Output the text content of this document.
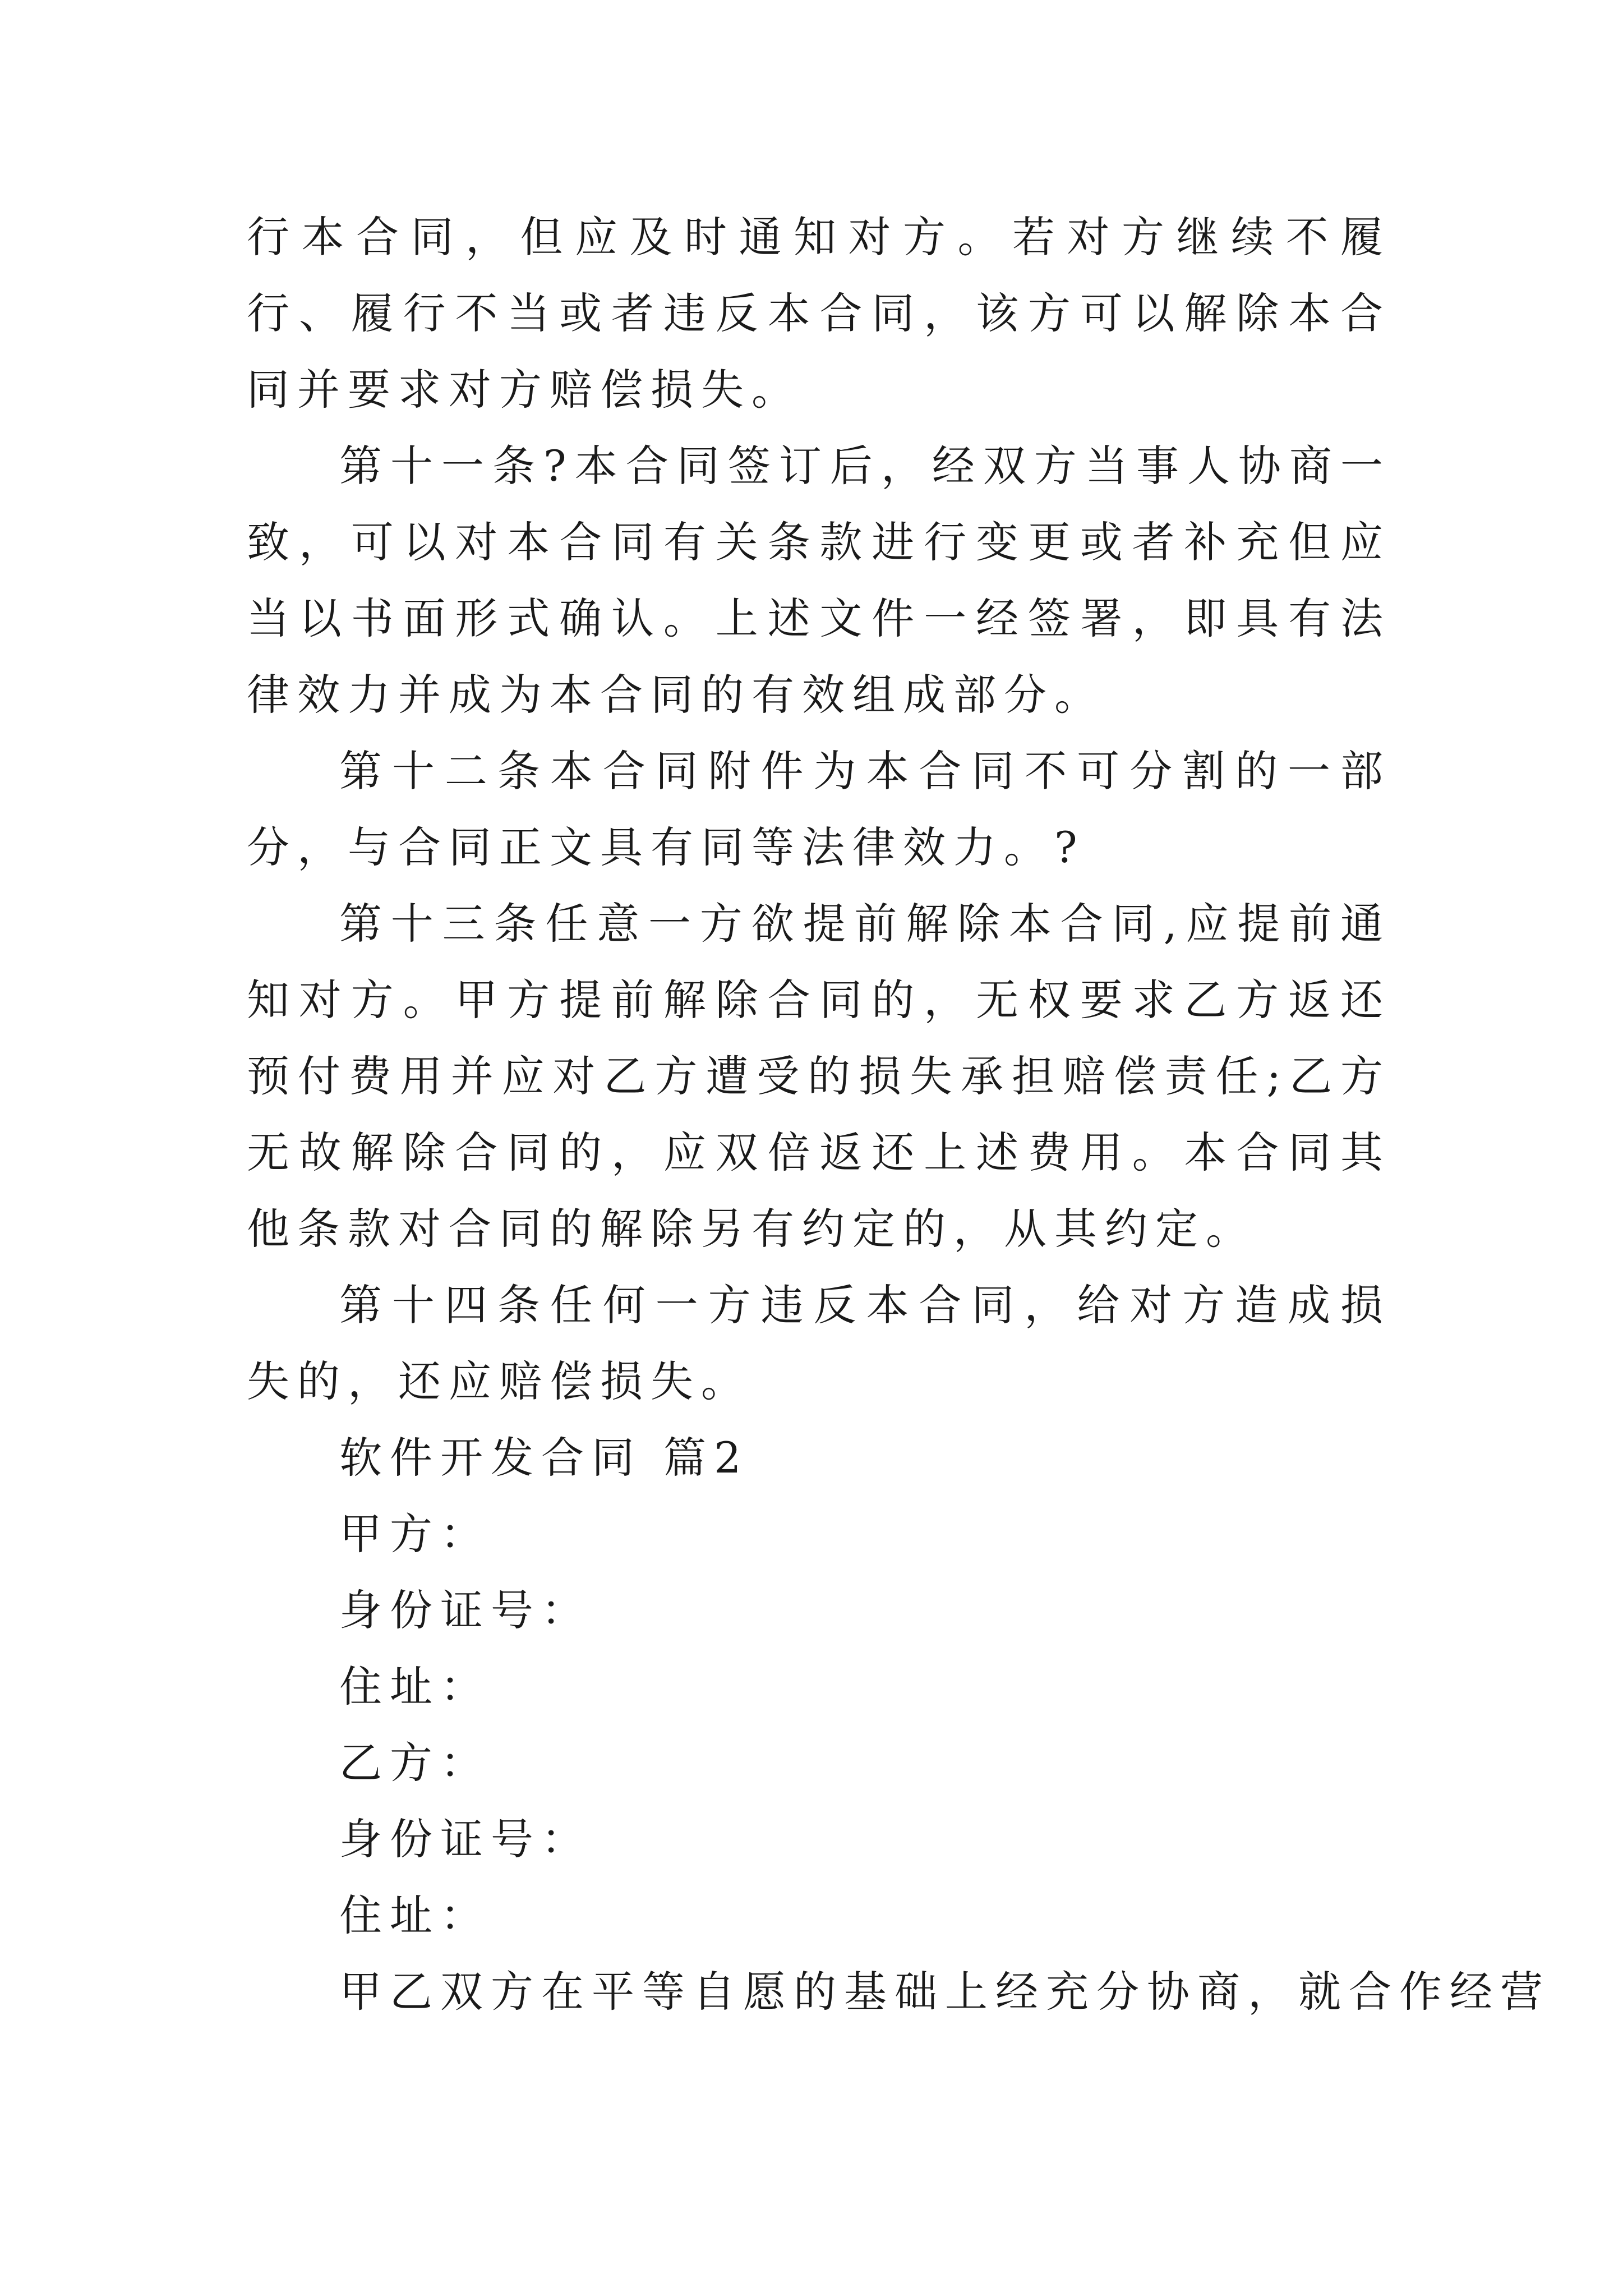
行本合同，但应及时通知对方。若对方继续不履行、履行不当或者违反本合同，该方可以解除本合同并要求对方赔偿损失。

第十一条?本合同签订后，经双方当事人协商一致，可以对本合同有关条款进行变更或者补充但应当以书面形式确认。上述文件一经签署，即具有法律效力并成为本合同的有效组成部分。

第十二条本合同附件为本合同不可分割的一部分，与合同正文具有同等法律效力。?

第十三条任意一方欲提前解除本合同,应提前通知对方。甲方提前解除合同的，无权要求乙方返还预付费用并应对乙方遭受的损失承担赔偿责任;乙方无故解除合同的，应双倍返还上述费用。本合同其他条款对合同的解除另有约定的，从其约定。

第十四条任何一方违反本合同，给对方造成损失的，还应赔偿损失。

软件开发合同 篇2

甲方：

身份证号：

住址：

乙方：

身份证号：

住址：

甲乙双方在平等自愿的基础上经充分协商，就合作经营
